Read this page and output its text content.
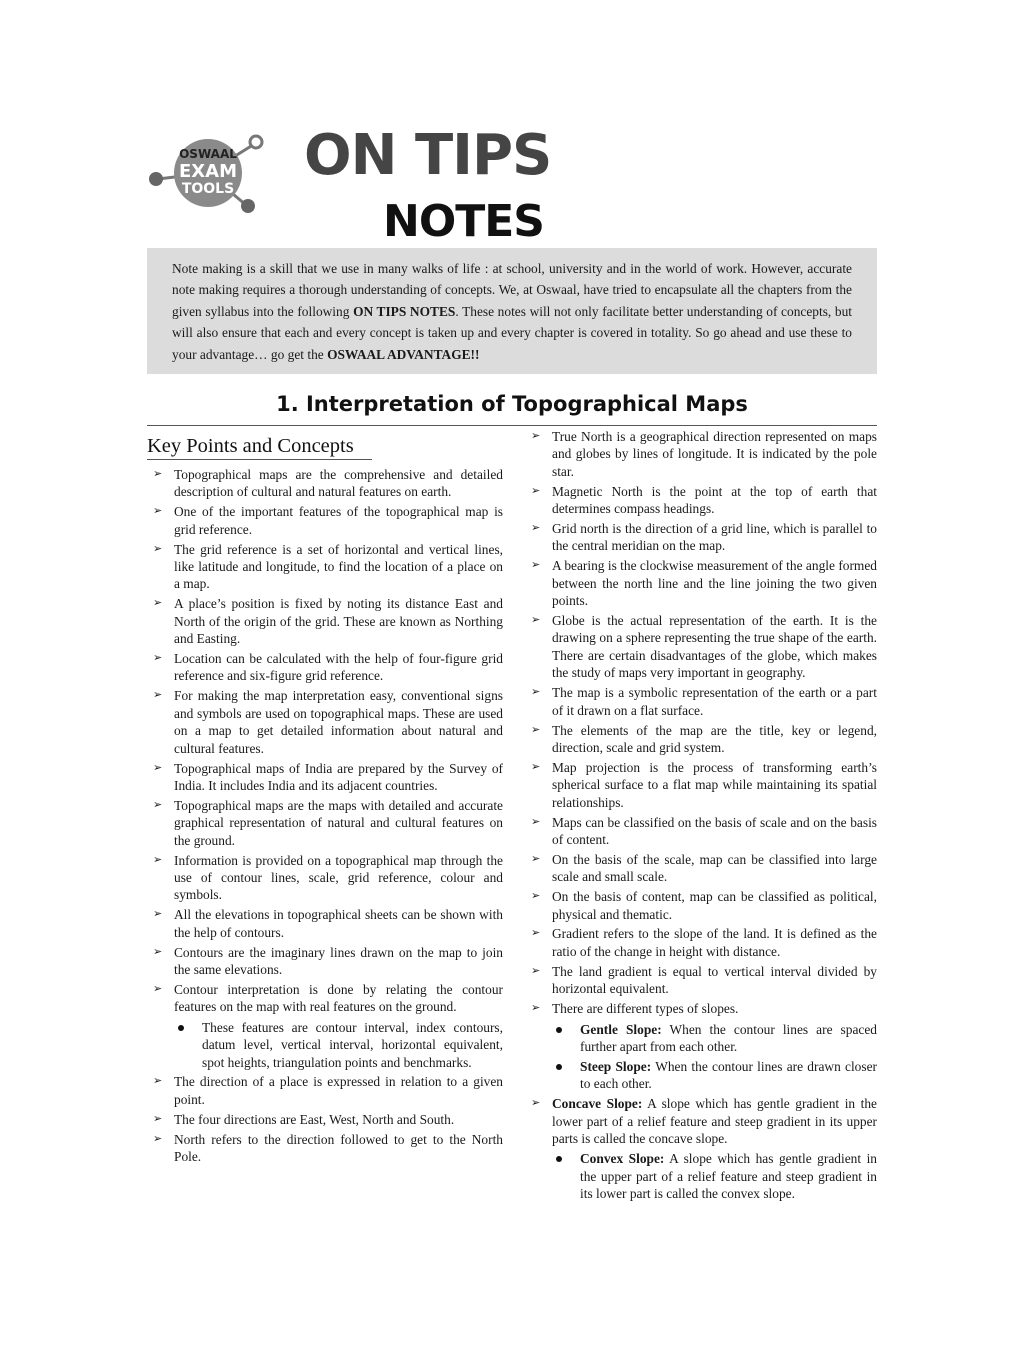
OSWAAL
EXAM
TOOLS
ON TIPS
NOTES

Note making is a skill that we use in many walks of life : at school, university and in the world of work. However, accurate note making requires a thorough understanding of concepts. We, at Oswaal, have tried to encapsulate all the chapters from the given syllabus into the following ON TIPS NOTES. These notes will not only facilitate better understanding of concepts, but will also ensure that each and every concept is taken up and every chapter is covered in totality. So go ahead and use these to your advantage… go get the OSWAAL ADVANTAGE!!

1. Interpretation of Topographical Maps
Key Points and Concepts
➢ Topographical maps are the comprehensive and detailed description of cultural and natural features on earth.
➢ One of the important features of the topographical map is grid reference.
➢ The grid reference is a set of horizontal and vertical lines, like latitude and longitude, to find the location of a place on a map.
➢ A place’s position is fixed by noting its distance East and North of the origin of the grid. These are known as Northing and Easting.
➢ Location can be calculated with the help of four-figure grid reference and six-figure grid reference.
➢ For making the map interpretation easy, conventional signs and symbols are used on topographical maps. These are used on a map to get detailed information about natural and cultural features.
➢ Topographical maps of India are prepared by the Survey of India. It includes India and its adjacent countries.
➢ Topographical maps are the maps with detailed and accurate graphical representation of natural and cultural features on the ground.
➢ Information is provided on a topographical map through the use of contour lines, scale, grid reference, colour and symbols.
➢ All the elevations in topographical sheets can be shown with the help of contours.
➢ Contours are the imaginary lines drawn on the map to join the same elevations.
➢ Contour interpretation is done by relating the contour features on the map with real features on the ground.
These features are contour interval, index contours, datum level, vertical interval, horizontal equivalent, spot heights, triangulation points and benchmarks.
➢ The direction of a place is expressed in relation to a given point.
➢ The four directions are East, West, North and South.
➢ North refers to the direction followed to get to the North Pole.
➢ True North is a geographical direction represented on maps and globes by lines of longitude. It is indicated by the pole star.
➢ Magnetic North is the point at the top of earth that determines compass headings.
➢ Grid north is the direction of a grid line, which is parallel to the central meridian on the map.
➢ A bearing is the clockwise measurement of the angle formed between the north line and the line joining the two given points.
➢ Globe is the actual representation of the earth. It is the drawing on a sphere representing the true shape of the earth. There are certain disadvantages of the globe, which makes the study of maps very important in geography.
➢ The map is a symbolic representation of the earth or a part of it drawn on a flat surface.
➢ The elements of the map are the title, key or legend, direction, scale and grid system.
➢ Map projection is the process of transforming earth’s spherical surface to a flat map while maintaining its spatial relationships.
➢ Maps can be classified on the basis of scale and on the basis of content.
➢ On the basis of the scale, map can be classified into large scale and small scale.
➢ On the basis of content, map can be classified as political, physical and thematic.
➢ Gradient refers to the slope of the land. It is defined as the ratio of the change in height with distance.
➢ The land gradient is equal to vertical interval divided by horizontal equivalent.
➢ There are different types of slopes.
Gentle Slope: When the contour lines are spaced further apart from each other.
Steep Slope: When the contour lines are drawn closer to each other.
➢ Concave Slope: A slope which has gentle gradient in the lower part of a relief feature and steep gradient in its upper parts is called the concave slope.
Convex Slope: A slope which has gentle gradient in the upper part of a relief feature and steep gradient in its lower part is called the convex slope.
